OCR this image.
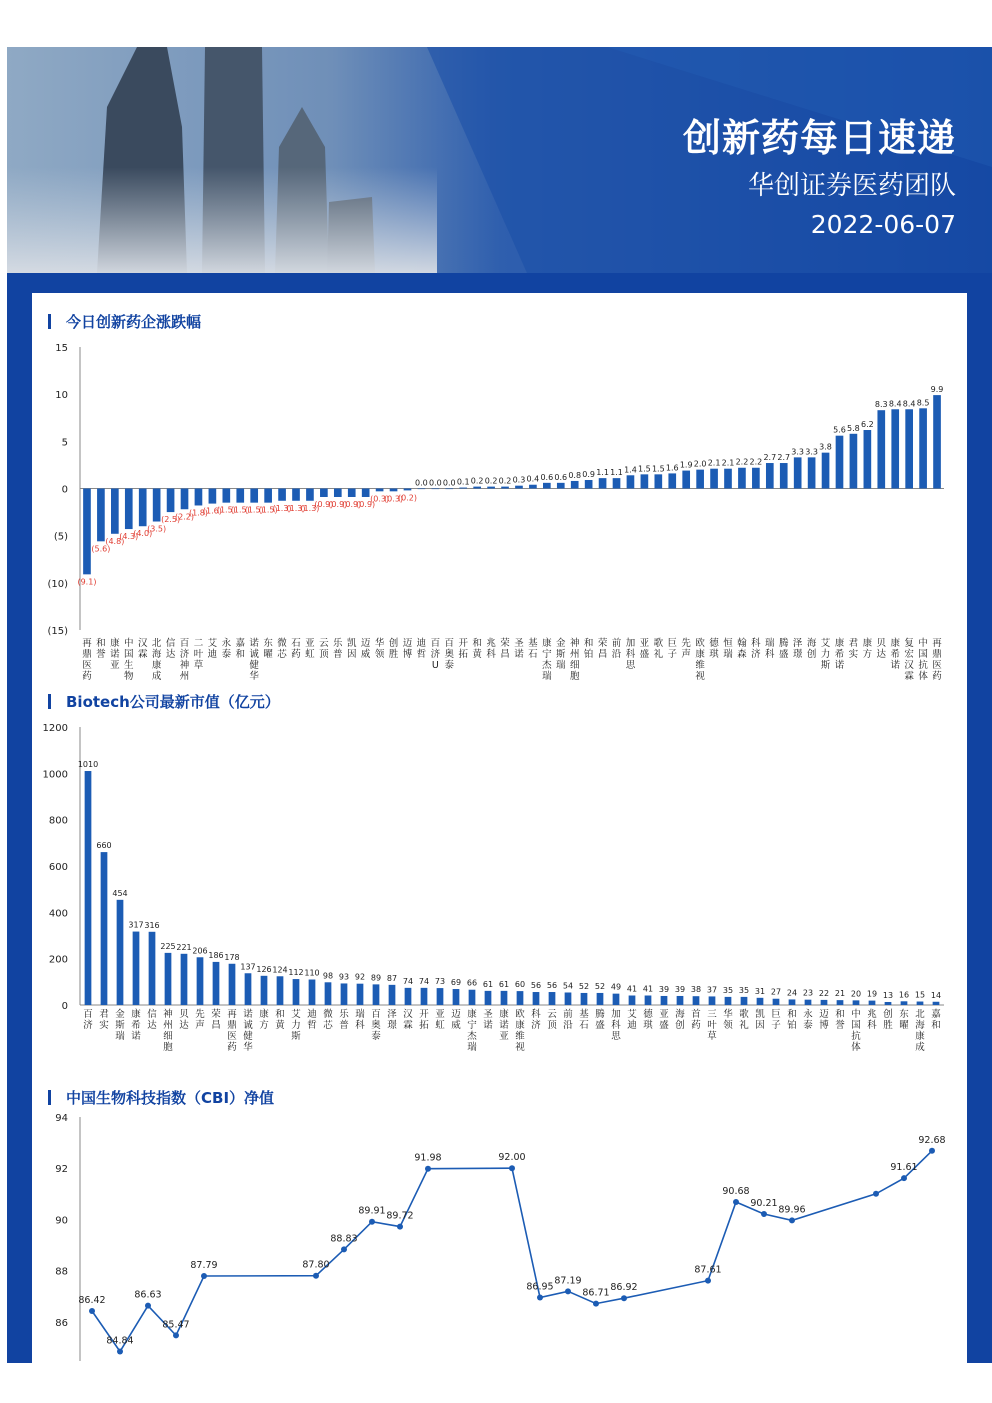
创新药每日速递
华创证券医药团队
2022-06-07
今日创新药企涨跌幅
15
10
5
0
(5)
(10)
(15)
(9.1)
再鼎医药
(5.6)
和誉
(4.8)
康诺亚
(4.3)
中国生物
(4.0)
汉霖
(3.5)
北海康成
(2.5)
信达
(2.2)
百济神州
(1.8)
二叶草
(1.6)
艾迪
(1.5)
永泰
(1.5)
嘉和
(1.5)
诺诚健华
(1.5)
东曜
(1.3)
微芯
(1.3)
石药
(1.3)
亚虹
(0.9)
云顶
(0.9)
乐普
(0.9)
凯因
(0.9)
迈威
(0.3)
华领
(0.3)
创胜
(0.2)
迈博
0.0
迪哲
0.0
百济 U
0.0
百奥泰
0.1
开拓
0.2
和黄
0.2
兆科
0.2
荣昌
0.3
圣诺
0.4
基石
0.6
康宁杰瑞
0.6
金斯瑞
0.8
神州细胞
0.9
和铂
1.1
荣昌
1.1
前沿
1.4
加科思
1.5
亚盛
1.5
歌礼
1.6
巨子
1.9
先声
2.0
欧康维视
2.1
德琪
2.1
恒瑞
2.2
翰森
2.2
科济
2.7
瑞科
2.7
腾盛
3.3
泽璟
3.3
海创
3.8
艾力斯
5.6
康希诺
5.8
君实
6.2
康方
8.3
贝达
8.4
康希诺
8.4
复宏汉霖
8.5
中国抗体
9.9
再鼎医药
Biotech公司最新市值（亿元）
0
200
400
600
800
1000
1200
1010
百济
660
君实
454
金斯瑞
317
康希诺
316
信达
225
神州细胞
221
贝达
206
先声
186
荣昌
178
再鼎医药
137
诺诚健华
126
康方
124
和黄
112
艾力斯
110
迪哲
98
微芯
93
乐普
92
瑞科
89
百奥泰
87
泽璟
74
汉霖
74
开拓
73
亚虹
69
迈威
66
康宁杰瑞
61
圣诺
61
康诺亚
60
欧康维视
56
科济
56
云顶
54
前沿
52
基石
52
腾盛
49
加科思
41
艾迪
41
德琪
39
亚盛
39
海创
38
首药
37
三叶草
35
华领
35
歌礼
31
凯因
27
巨子
24
和铂
23
永泰
22
迈博
21
和誉
20
中国抗体
19
兆科
13
创胜
16
东曜
15
北海康成
14
嘉和
中国生物科技指数（CBI）净值
86
88
90
92
94
86.42
84.84
86.63
85.47
87.79	87.80
88.83
89.91 89.72
91.98	92.00
86.95
87.19
86.71 86.92
87.61
90.68
90.21
89.96
91.61
92.68
